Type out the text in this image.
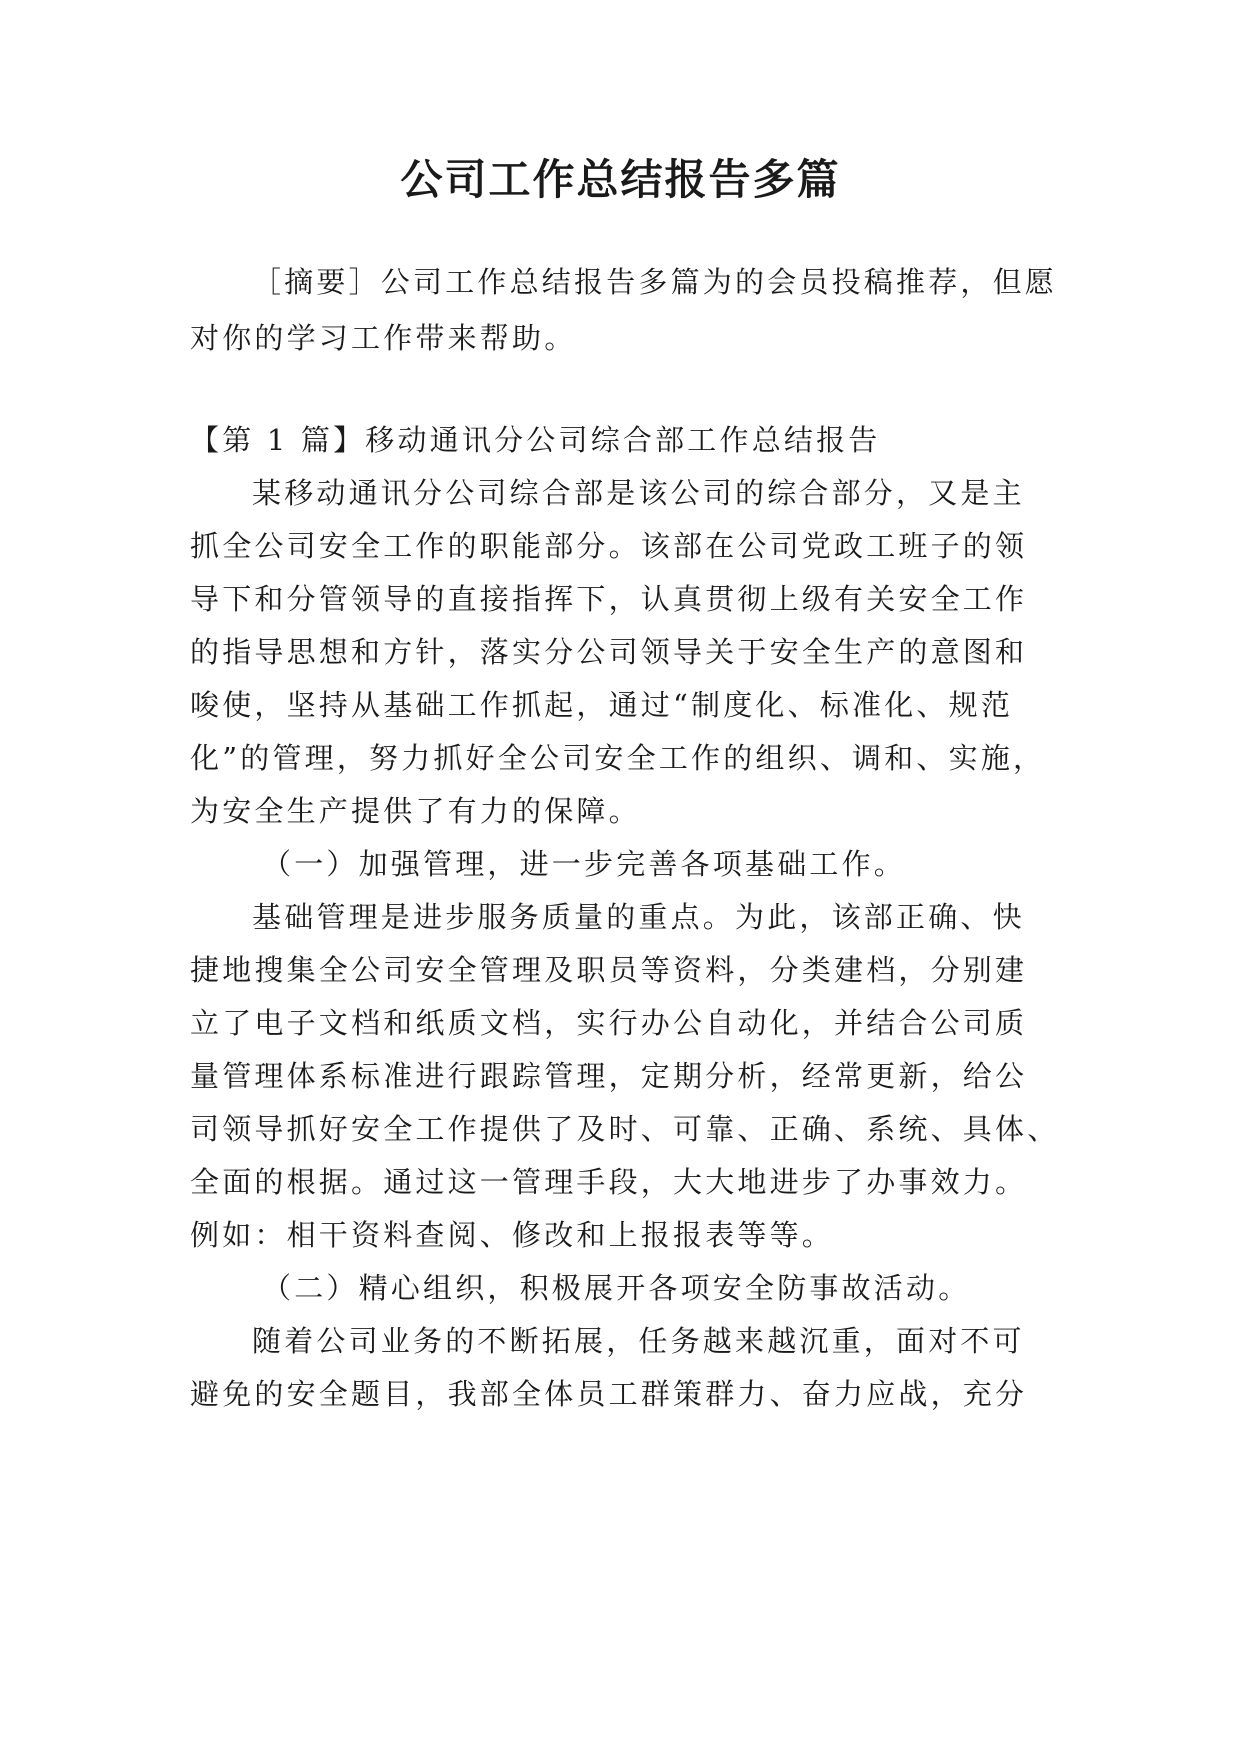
公司工作总结报告多篇
［摘要］公司工作总结报告多篇为的会员投稿推荐，但愿
对你的学习工作带来帮助。
【第 1 篇】移动通讯分公司综合部工作总结报告
某移动通讯分公司综合部是该公司的综合部分，又是主
抓全公司安全工作的职能部分。该部在公司党政工班子的领
导下和分管领导的直接指挥下，认真贯彻上级有关安全工作
的指导思想和方针，落实分公司领导关于安全生产的意图和
唆使，坚持从基础工作抓起，通过“制度化、标准化、规范
化”的管理，努力抓好全公司安全工作的组织、调和、实施，
为安全生产提供了有力的保障。
（一）加强管理，进一步完善各项基础工作。
基础管理是进步服务质量的重点。为此，该部正确、快
捷地搜集全公司安全管理及职员等资料，分类建档，分别建
立了电子文档和纸质文档，实行办公自动化，并结合公司质
量管理体系标准进行跟踪管理，定期分析，经常更新，给公
司领导抓好安全工作提供了及时、可靠、正确、系统、具体、
全面的根据。通过这一管理手段，大大地进步了办事效力。
例如：相干资料查阅、修改和上报报表等等。
（二）精心组织，积极展开各项安全防事故活动。
随着公司业务的不断拓展，任务越来越沉重，面对不可
避免的安全题目，我部全体员工群策群力、奋力应战，充分
